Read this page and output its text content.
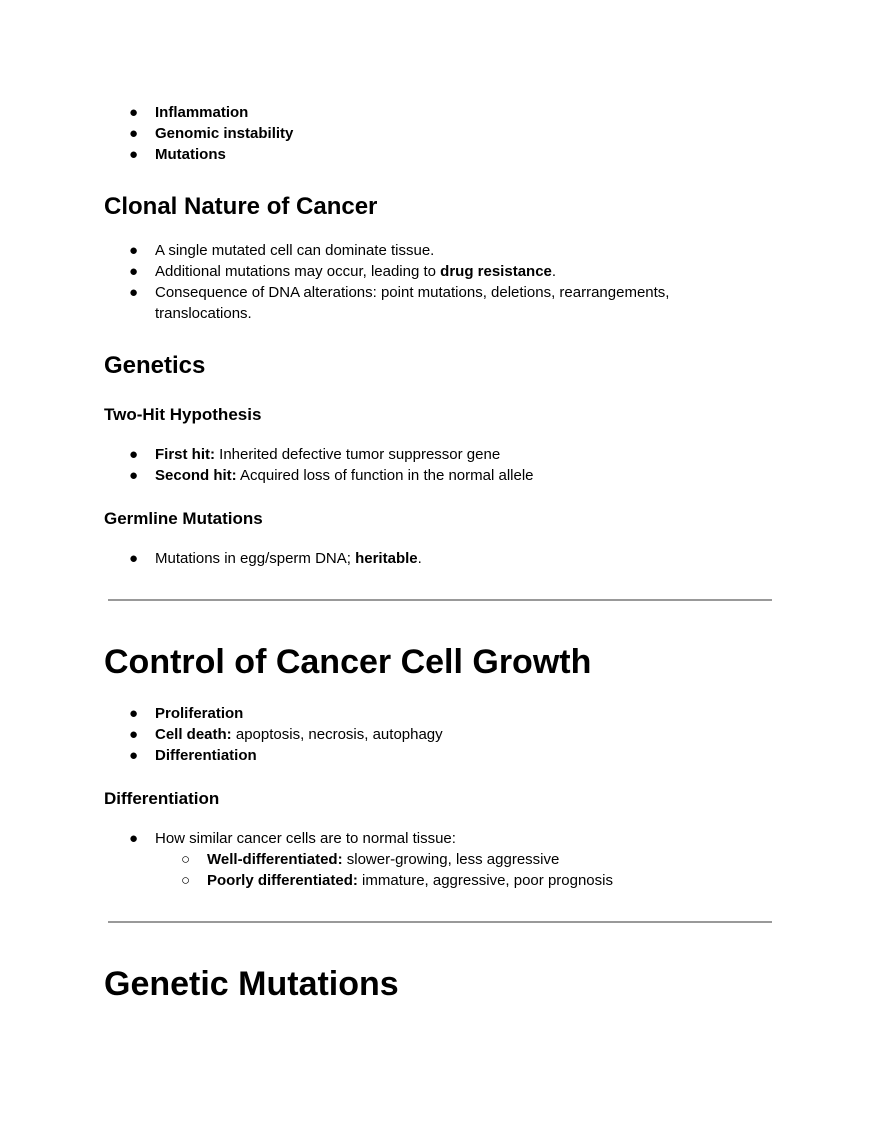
● Inflammation
● Genomic instability
● Mutations
Clonal Nature of Cancer
● A single mutated cell can dominate tissue.
● Additional mutations may occur, leading to drug resistance.
● Consequence of DNA alterations: point mutations, deletions, rearrangements,
translocations.
Genetics
Two-Hit Hypothesis
● First hit: Inherited defective tumor suppressor gene
● Second hit: Acquired loss of function in the normal allele
Germline Mutations
● Mutations in egg/sperm DNA; heritable.
Control of Cancer Cell Growth
● Proliferation
● Cell death: apoptosis, necrosis, autophagy
● Differentiation
Differentiation
● How similar cancer cells are to normal tissue:
○ Well-differentiated: slower-growing, less aggressive
○ Poorly differentiated: immature, aggressive, poor prognosis
Genetic Mutations
